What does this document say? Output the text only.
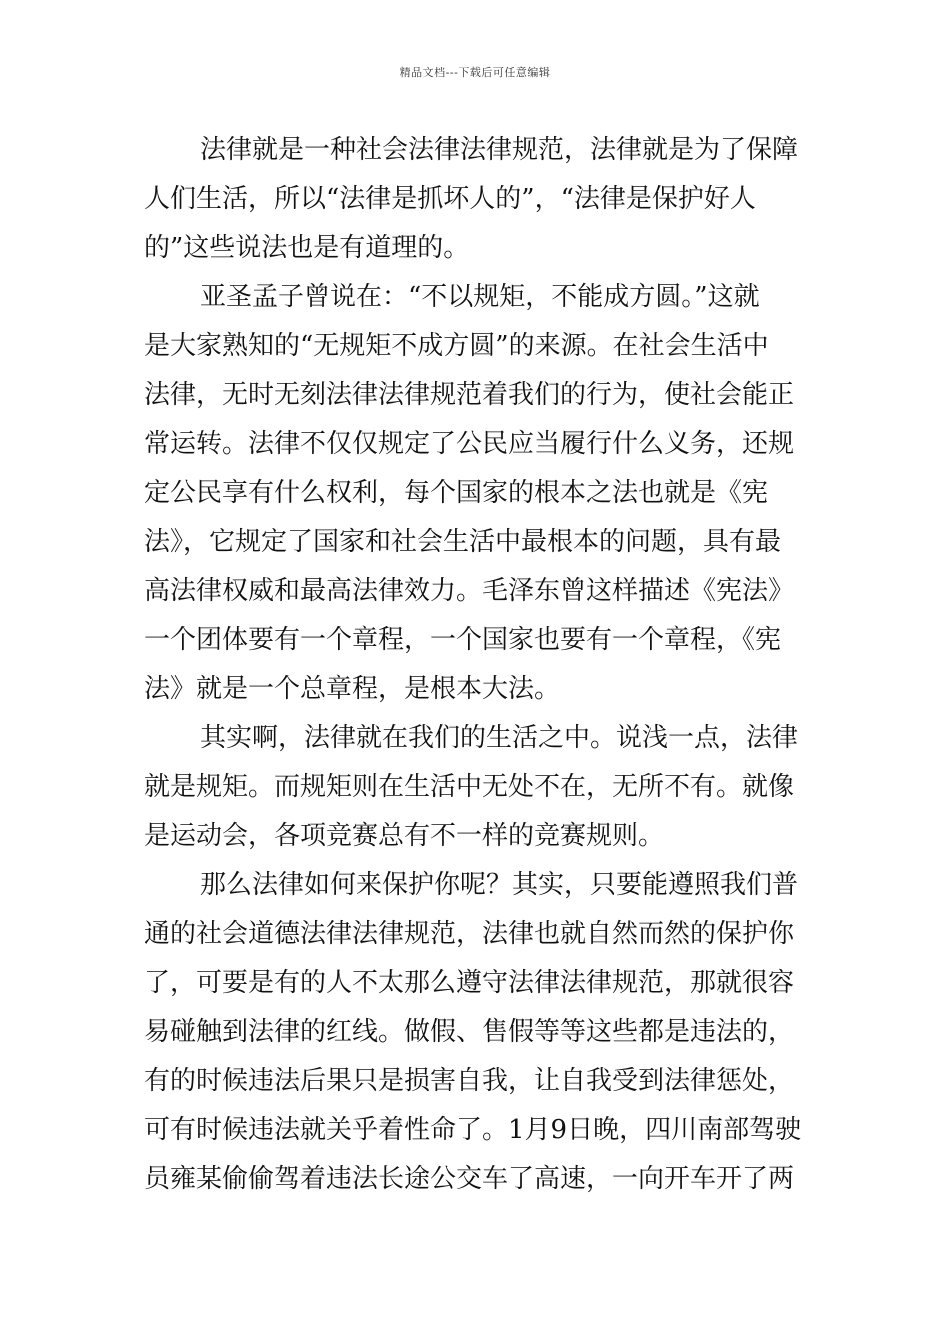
精品文档---下载后可任意编辑
法律就是一种社会法律法律规范，法律就是为了保障
人们生活，所以“法律是抓坏人的”，“法律是保护好人
的”这些说法也是有道理的。
亚圣孟子曾说在：“不以规矩，不能成方圆。”这就
是大家熟知的“无规矩不成方圆”的来源。在社会生活中
法律，无时无刻法律法律规范着我们的行为，使社会能正
常运转。法律不仅仅规定了公民应当履行什么义务，还规
定公民享有什么权利，每个国家的根本之法也就是《宪
法》，它规定了国家和社会生活中最根本的问题，具有最
高法律权威和最高法律效力。毛泽东曾这样描述《宪法》
一个团体要有一个章程，一个国家也要有一个章程，《宪
法》就是一个总章程，是根本大法。
其实啊，法律就在我们的生活之中。说浅一点，法律
就是规矩。而规矩则在生活中无处不在，无所不有。就像
是运动会，各项竞赛总有不一样的竞赛规则。
那么法律如何来保护你呢？其实，只要能遵照我们普
通的社会道德法律法律规范，法律也就自然而然的保护你
了，可要是有的人不太那么遵守法律法律规范，那就很容
易碰触到法律的红线。做假、售假等等这些都是违法的，
有的时候违法后果只是损害自我，让自我受到法律惩处，
可有时候违法就关乎着性命了。1月9日晚，四川南部驾驶
员雍某偷偷驾着违法长途公交车了高速，一向开车开了两
